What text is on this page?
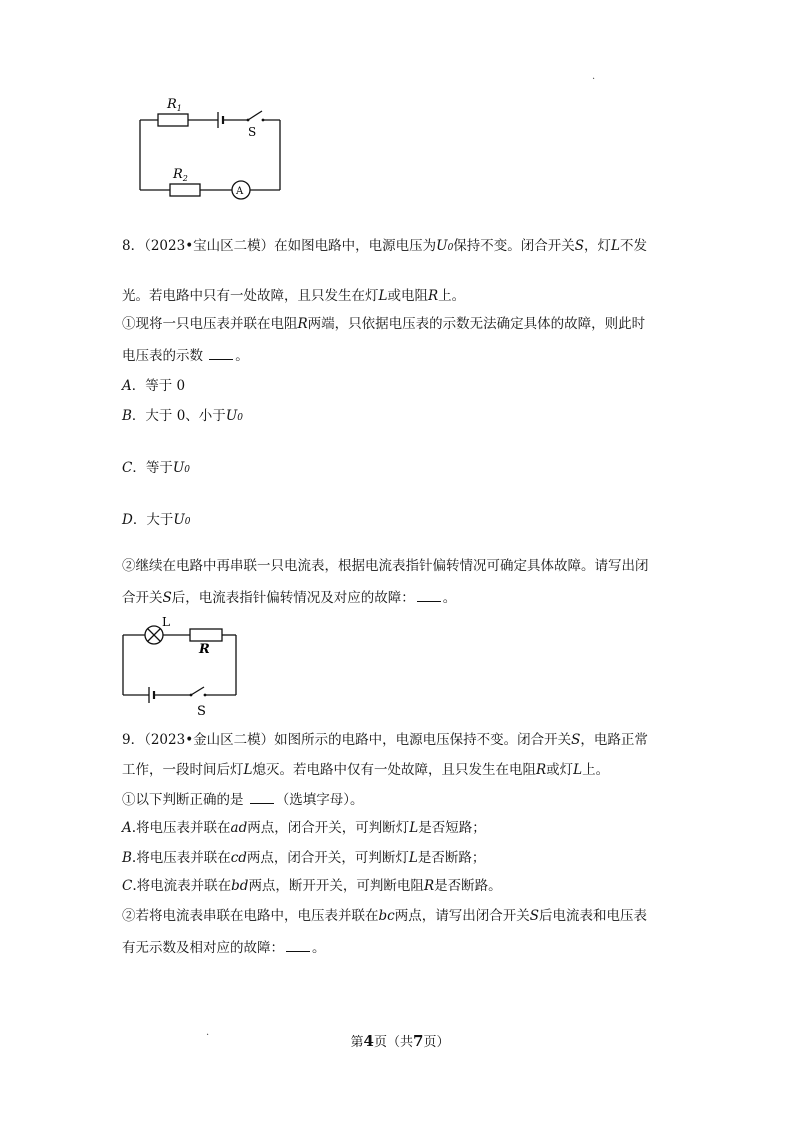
$R_1$
S
$R_2$
A
·
8．（2023•宝山区二模）在如图电路中，电源电压为U0保持不变。闭合开关S，灯L不发
光。若电路中只有一处故障，且只发生在灯L或电阻R上。
①现将一只电压表并联在电阻R两端，只依据电压表的示数无法确定具体的故障，则此时
电压表的示数 。
A．等于 0
B．大于 0、小于U0
C．等于U0
D．大于U0
②继续在电路中再串联一只电流表，根据电流表指针偏转情况可确定具体故障。请写出闭
合开关S后，电流表指针偏转情况及对应的故障： 。
L
R
S
9．（2023•金山区二模）如图所示的电路中，电源电压保持不变。闭合开关S，电路正常
工作，一段时间后灯L熄灭。若电路中仅有一处故障，且只发生在电阻R或灯L上。
①以下判断正确的是 （选填字母）。
A.将电压表并联在ad两点，闭合开关，可判断灯L是否短路；
B.将电压表并联在cd两点，闭合开关，可判断灯L是否断路；
C.将电流表并联在bd两点，断开开关，可判断电阻R是否断路。
②若将电流表串联在电路中，电压表并联在bc两点，请写出闭合开关S后电流表和电压表
有无示数及相对应的故障： 。
·	第4页（共7页）
